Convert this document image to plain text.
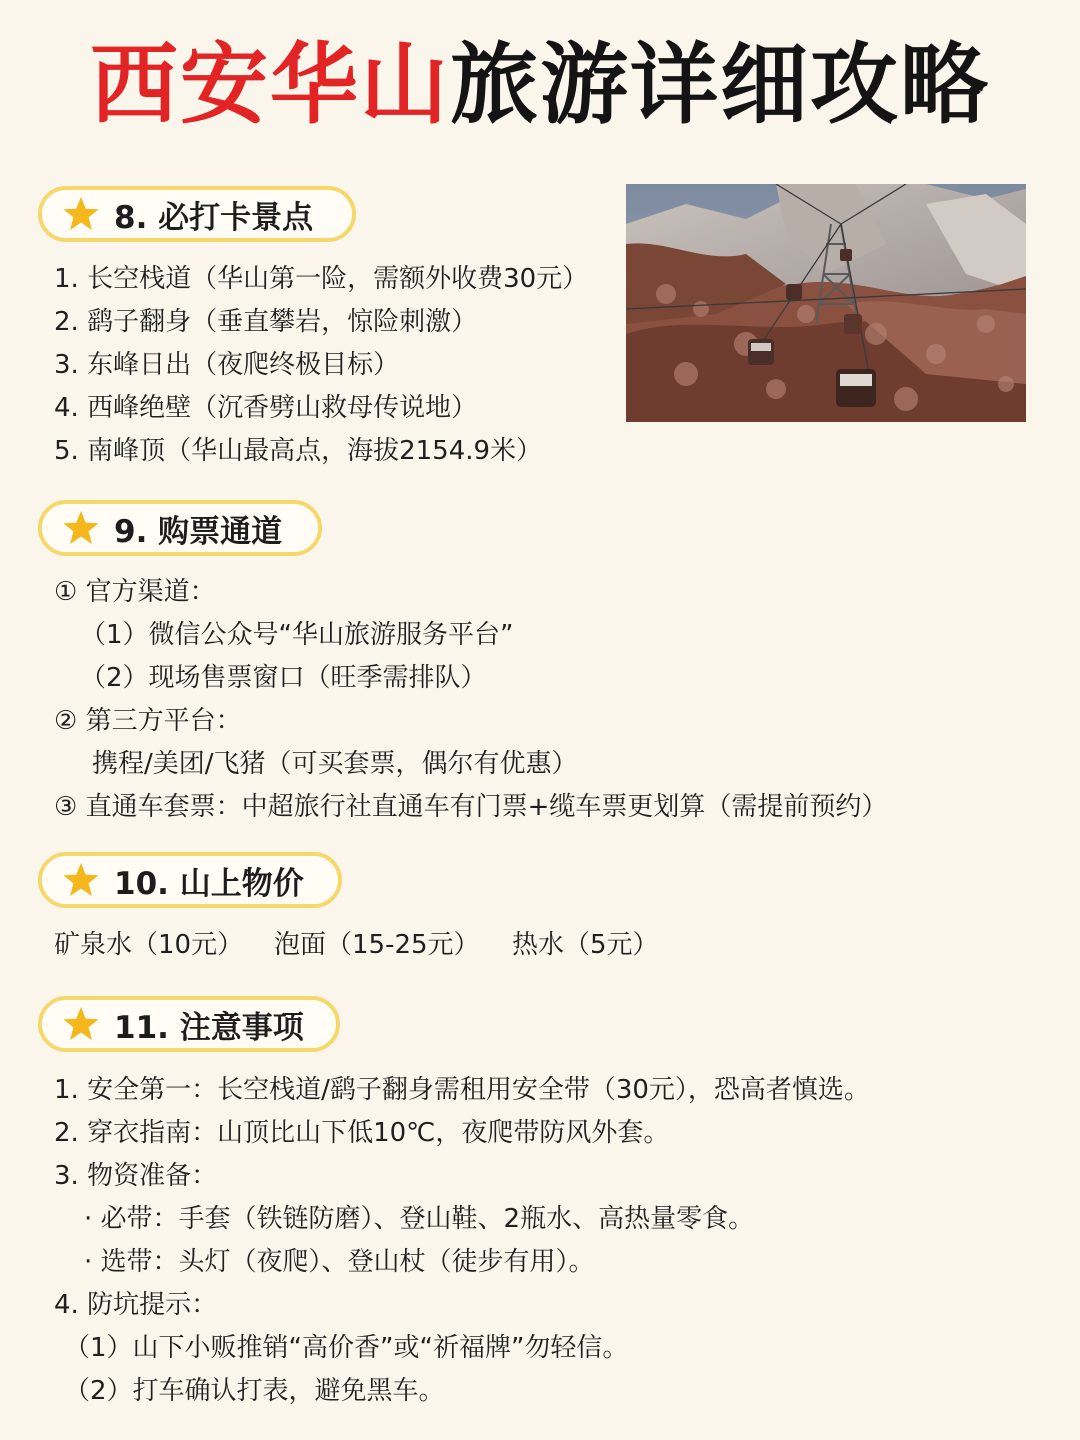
西安华山旅游详细攻略
8. 必打卡景点
1. 长空栈道（华山第一险，需额外收费30元）
2. 鹞子翻身（垂直攀岩，惊险刺激）
3. 东峰日出（夜爬终极目标）
4. 西峰绝壁（沉香劈山救母传说地）
5. 南峰顶（华山最高点，海拔2154.9米）
9. 购票通道
① 官方渠道：
（1）微信公众号“华山旅游服务平台”
（2）现场售票窗口（旺季需排队）
② 第三方平台：
携程/美团/飞猪（可买套票，偶尔有优惠）
③ 直通车套票：中超旅行社直通车有门票+缆车票更划算（需提前预约）
10. 山上物价
矿泉水（10元） 泡面（15-25元） 热水（5元）
11. 注意事项
1. 安全第一：长空栈道/鹞子翻身需租用安全带（30元），恐高者慎选。
2. 穿衣指南：山顶比山下低10℃，夜爬带防风外套。
3. 物资准备：
· 必带：手套（铁链防磨）、登山鞋、2瓶水、高热量零食。
· 选带：头灯（夜爬）、登山杖（徒步有用）。
4. 防坑提示：
（1）山下小贩推销“高价香”或“祈福牌”勿轻信。
（2）打车确认打表，避免黑车。
